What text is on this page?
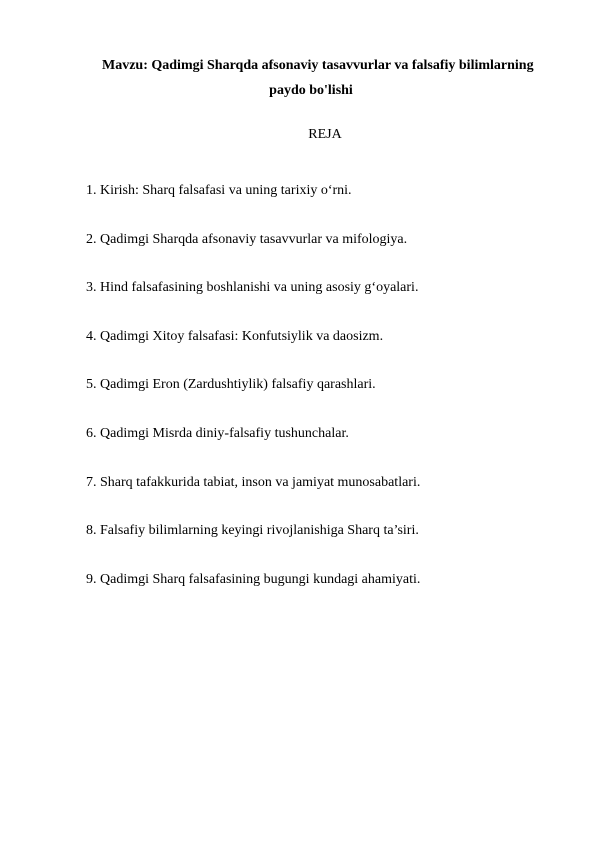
Mavzu: Qadimgi Sharqda afsonaviy tasavvurlar va falsafiy bilimlarning
paydo bo'lishi
REJA
1. Kirish: Sharq falsafasi va uning tarixiy o‘rni.
2. Qadimgi Sharqda afsonaviy tasavvurlar va mifologiya.
3. Hind falsafasining boshlanishi va uning asosiy g‘oyalari.
4. Qadimgi Xitoy falsafasi: Konfutsiylik va daosizm.
5. Qadimgi Eron (Zardushtiylik) falsafiy qarashlari.
6. Qadimgi Misrda diniy-falsafiy tushunchalar.
7. Sharq tafakkurida tabiat, inson va jamiyat munosabatlari.
8. Falsafiy bilimlarning keyingi rivojlanishiga Sharq ta’siri.
9. Qadimgi Sharq falsafasining bugungi kundagi ahamiyati.
